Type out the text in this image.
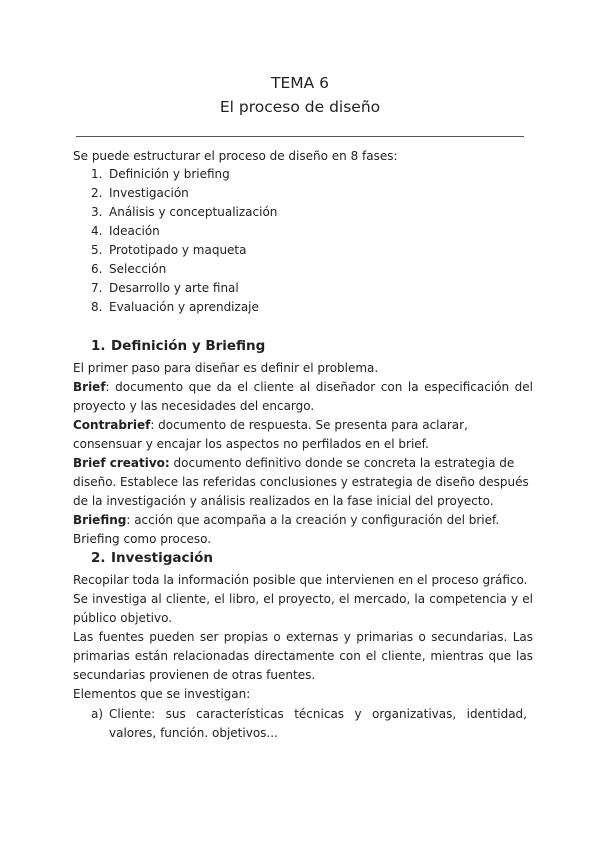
TEMA 6
El proceso de diseño
Se puede estructurar el proceso de diseño en 8 fases:
1. Definición y briefing
2. Investigación
3. Análisis y conceptualización
4. Ideación
5. Prototipado y maqueta
6. Selección
7. Desarrollo y arte final
8. Evaluación y aprendizaje
1. Definición y Briefing

El primer paso para diseñar es definir el problema.

Brief: documento que da el cliente al diseñador con la especificación del proyecto y las necesidades del encargo.

Contrabrief: documento de respuesta. Se presenta para aclarar, consensuar y encajar los aspectos no perfilados en el brief.

Brief creativo: documento definitivo donde se concreta la estrategia de diseño. Establece las referidas conclusiones y estrategia de diseño después de la investigación y análisis realizados en la fase inicial del proyecto.

Briefing: acción que acompaña a la creación y configuración del brief. Briefing como proceso.

2. Investigación

Recopilar toda la información posible que intervienen en el proceso gráfico.

Se investiga al cliente, el libro, el proyecto, el mercado, la competencia y el público objetivo.

Las fuentes pueden ser propias o externas y primarias o secundarias. Las primarias están relacionadas directamente con el cliente, mientras que las secundarias provienen de otras fuentes.

Elementos que se investigan:

a) Cliente: sus características técnicas y organizativas, identidad, valores, función. objetivos...
